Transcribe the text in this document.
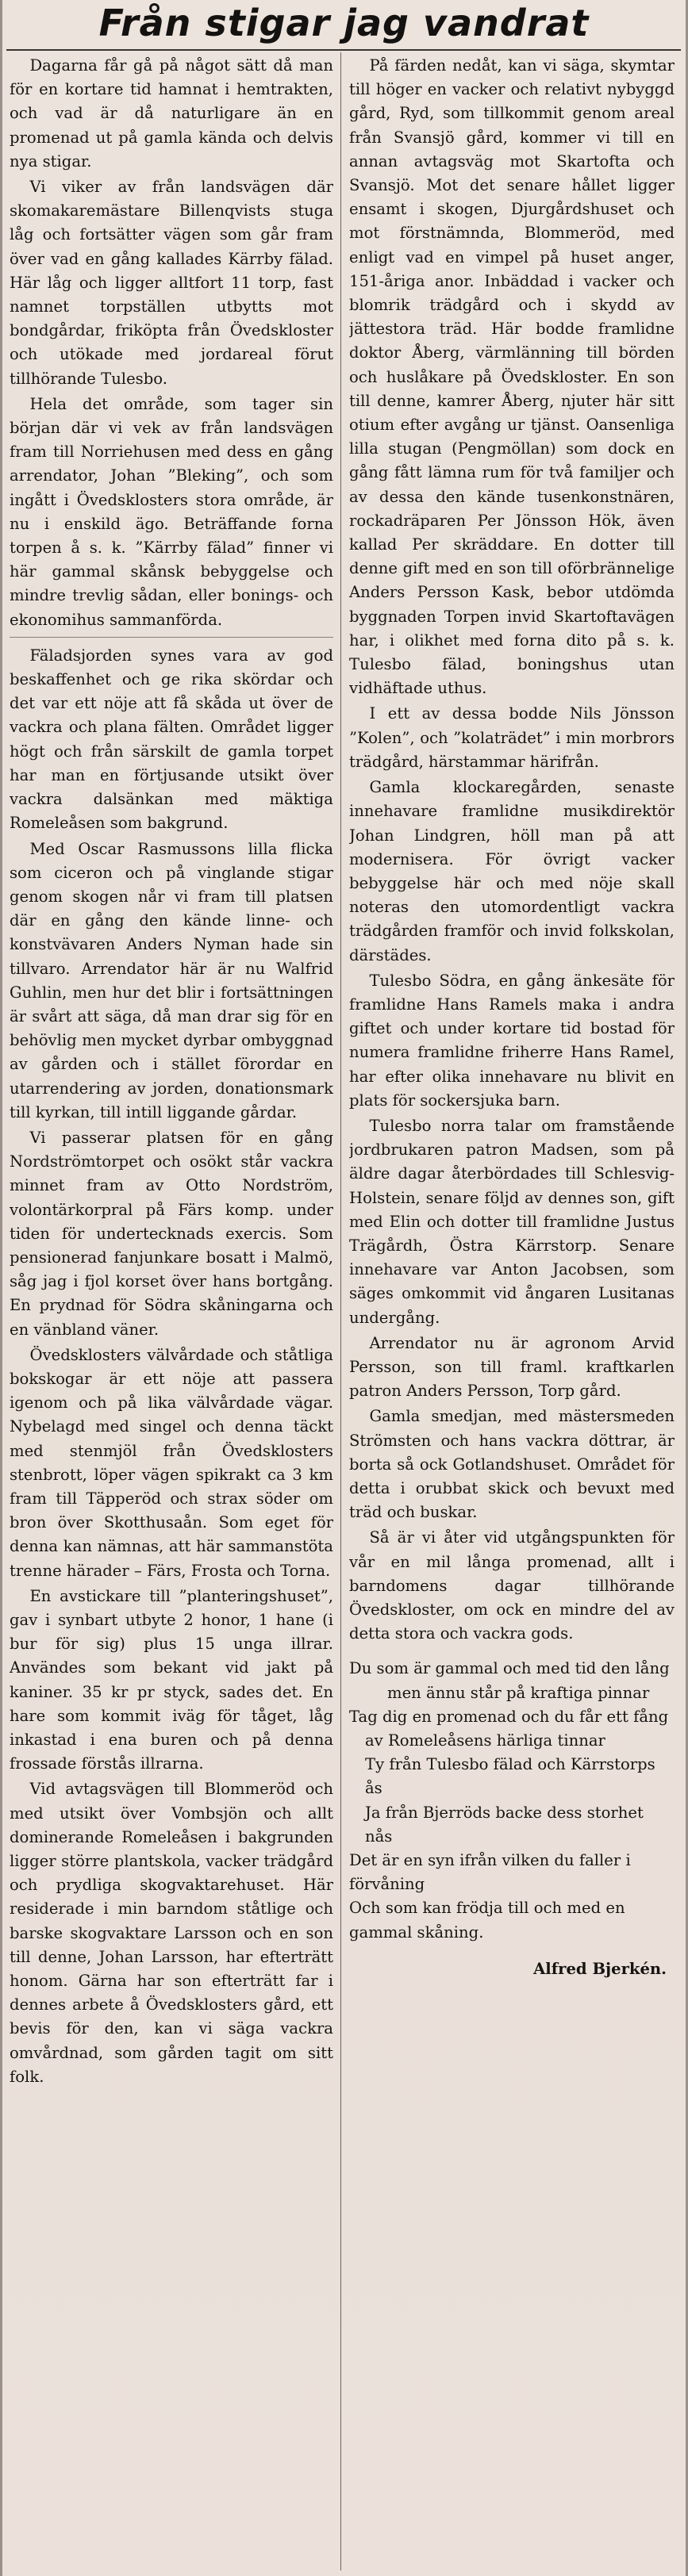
Från stigar jag vandrat

Dagarna får gå på något sätt då man för en kortare tid hamnat i hemtrakten, och vad är då naturligare än en promenad ut på gamla kända och delvis nya stigar.

Vi viker av från landsvägen där skomakaremästare Billenqvists stuga låg och fortsätter vägen som går fram över vad en gång kallades Kärrby fälad. Här låg och ligger alltfort 11 torp, fast namnet torpställen utbytts mot bondgårdar, friköpta från Övedskloster och utökade med jordareal förut tillhörande Tulesbo.

Hela det område, som tager sin början där vi vek av från landsvägen fram till Norriehusen med dess en gång arrendator, Johan ”Bleking”, och som ingått i Övedsklosters stora område, är nu i enskild ägo. Beträffande forna torpen å s. k. ”Kärrby fälad” finner vi här gammal skånsk bebyggelse och mindre trevlig sådan, eller bonings- och ekonomihus sammanförda.

Fäladsjorden synes vara av god beskaffenhet och ge rika skördar och det var ett nöje att få skåda ut över de vackra och plana fälten. Området ligger högt och från särskilt de gamla torpet har man en förtjusande utsikt över vackra dalsänkan med mäktiga Romeleåsen som bakgrund.

Med Oscar Rasmussons lilla flicka som ciceron och på vinglande stigar genom skogen når vi fram till platsen där en gång den kände linne- och konstvävaren Anders Nyman hade sin tillvaro. Arrendator här är nu Walfrid Guhlin, men hur det blir i fortsättningen är svårt att säga, då man drar sig för en behövlig men mycket dyrbar ombyggnad av gården och i stället förordar en utarrendering av jorden, donationsmark till kyrkan, till intill liggande gårdar.

Vi passerar platsen för en gång Nordströmtorpet och osökt står vackra minnet fram av Otto Nordström, volontärkorpral på Färs komp. under tiden för undertecknads exercis. Som pensionerad fanjunkare bosatt i Malmö, såg jag i fjol korset över hans bortgång. En prydnad för Södra skåningarna och en vänbland väner.

Övedsklosters välvårdade och ståtliga bokskogar är ett nöje att passera igenom och på lika välvårdade vägar. Nybelagd med singel och denna täckt med stenmjöl från Övedsklosters stenbrott, löper vägen spikrakt ca 3 km fram till Täpperöd och strax söder om bron över Skotthusaån. Som eget för denna kan nämnas, att här sammanstöta trenne härader – Färs, Frosta och Torna.

En avstickare till ”planteringshuset”, gav i synbart utbyte 2 honor, 1 hane (i bur för sig) plus 15 unga illrar. Användes som bekant vid jakt på kaniner. 35 kr pr styck, sades det. En hare som kommit iväg för tåget, låg inkastad i ena buren och på denna frossade förstås illrarna.

Vid avtagsvägen till Blommeröd och med utsikt över Vombsjön och allt dominerande Romeleåsen i bakgrunden ligger större plantskola, vacker trädgård och prydliga skogvaktarehuset. Här residerade i min barndom ståtlige och barske skogvaktare Larsson och en son till denne, Johan Larsson, har efterträtt honom. Gärna har son efterträtt far i dennes arbete å Övedsklosters gård, ett bevis för den, kan vi säga vackra omvårdnad, som gården tagit om sitt folk.

På färden nedåt, kan vi säga, skymtar till höger en vacker och relativt nybyggd gård, Ryd, som tillkommit genom areal från Svansjö gård, kommer vi till en annan avtagsväg mot Skartofta och Svansjö. Mot det senare hållet ligger ensamt i skogen, Djurgårdshuset och mot förstnämnda, Blommeröd, med enligt vad en vimpel på huset anger, 151-åriga anor. Inbäddad i vacker och blomrik trädgård och i skydd av jättestora träd. Här bodde framlidne doktor Åberg, värmlänning till börden och huslåkare på Övedskloster. En son till denne, kamrer Åberg, njuter här sitt otium efter avgång ur tjänst. Oansenliga lilla stugan (Pengmöllan) som dock en gång fått lämna rum för två familjer och av dessa den kände tusenkonstnären, rockadräparen Per Jönsson Hök, även kallad Per skräddare. En dotter till denne gift med en son till oförbrännelige Anders Persson Kask, bebor utdömda byggnaden Torpen invid Skartoftavägen har, i olikhet med forna dito på s. k. Tulesbo fälad, boningshus utan vidhäftade uthus.

I ett av dessa bodde Nils Jönsson ”Kolen”, och ”kolaträdet” i min morbrors trädgård, härstammar härifrån.

Gamla klockaregården, senaste innehavare framlidne musikdirektör Johan Lindgren, höll man på att modernisera. För övrigt vacker bebyggelse här och med nöje skall noteras den utomordentligt vackra trädgården framför och invid folkskolan, därstädes.

Tulesbo Södra, en gång änkesäte för framlidne Hans Ramels maka i andra giftet och under kortare tid bostad för numera framlidne friherre Hans Ramel, har efter olika innehavare nu blivit en plats för sockersjuka barn.

Tulesbo norra talar om framstående jordbrukaren patron Madsen, som på äldre dagar återbördades till Schlesvig-Holstein, senare följd av dennes son, gift med Elin och dotter till framlidne Justus Trägårdh, Östra Kärrstorp. Senare innehavare var Anton Jacobsen, som säges omkommit vid ångaren Lusitanas undergång.

Arrendator nu är agronom Arvid Persson, son till framl. kraftkarlen patron Anders Persson, Torp gård.

Gamla smedjan, med mästersmeden Strömsten och hans vackra döttrar, är borta så ock Gotlandshuset. Området för detta i orubbat skick och bevuxt med träd och buskar.

Så är vi åter vid utgångspunkten för vår en mil långa promenad, allt i barndomens dagar tillhörande Övedskloster, om ock en mindre del av detta stora och vackra gods.

Du som är gammal och med tid den lång
men ännu står på kraftiga pinnar
Tag dig en promenad och du får ett fång
av Romeleåsens härliga tinnar
Ty från Tulesbo fälad och Kärrstorps ås
Ja från Bjerröds backe dess storhet nås
Det är en syn ifrån vilken du faller i förvåning
Och som kan frödja till och med en gammal skåning.
Alfred Bjerkén.
